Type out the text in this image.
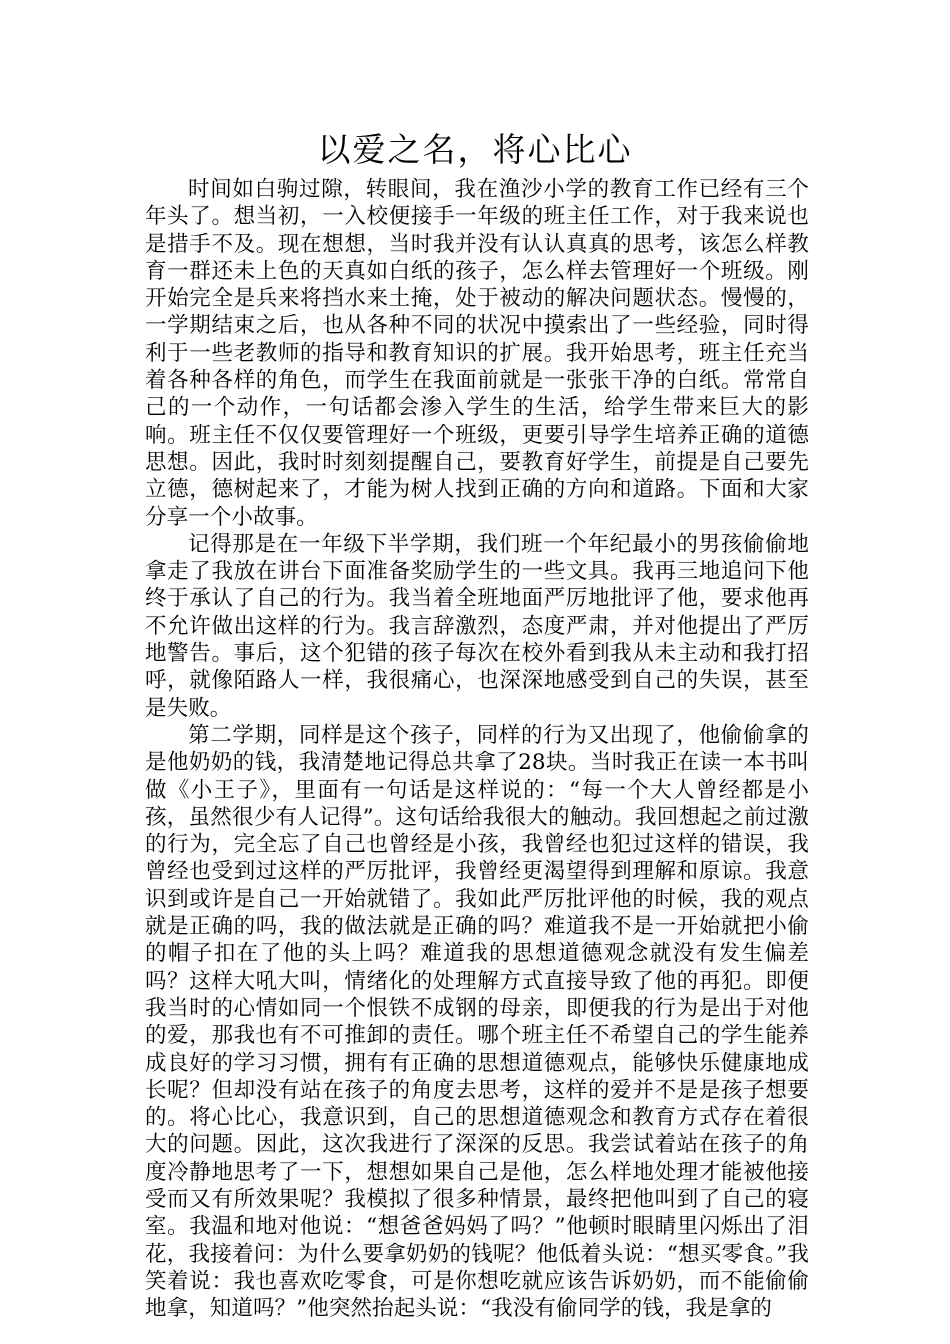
以爱之名，将心比心

时间如白驹过隙，转眼间，我在渔沙小学的教育工作已经有三个年头了。想当初，一入校便接手一年级的班主任工作，对于我来说也是措手不及。现在想想，当时我并没有认认真真的思考，该怎么样教育一群还未上色的天真如白纸的孩子，怎么样去管理好一个班级。刚开始完全是兵来将挡水来土掩，处于被动的解决问题状态。慢慢的，一学期结束之后，也从各种不同的状况中摸索出了一些经验，同时得利于一些老教师的指导和教育知识的扩展。我开始思考，班主任充当着各种各样的角色，而学生在我面前就是一张张干净的白纸。常常自己的一个动作，一句话都会渗入学生的生活，给学生带来巨大的影响。班主任不仅仅要管理好一个班级，更要引导学生培养正确的道德思想。因此，我时时刻刻提醒自己，要教育好学生，前提是自己要先立德，德树起来了，才能为树人找到正确的方向和道路。下面和大家分享一个小故事。

记得那是在一年级下半学期，我们班一个年纪最小的男孩偷偷地拿走了我放在讲台下面准备奖励学生的一些文具。我再三地追问下他终于承认了自己的行为。我当着全班地面严厉地批评了他，要求他再不允许做出这样的行为。我言辞激烈，态度严肃，并对他提出了严厉地警告。事后，这个犯错的孩子每次在校外看到我从未主动和我打招呼，就像陌路人一样，我很痛心，也深深地感受到自己的失误，甚至是失败。

第二学期，同样是这个孩子，同样的行为又出现了，他偷偷拿的是他奶奶的钱，我清楚地记得总共拿了28块。当时我正在读一本书叫做《小王子》，里面有一句话是这样说的：“每一个大人曾经都是小孩，虽然很少有人记得”。这句话给我很大的触动。我回想起之前过激的行为，完全忘了自己也曾经是小孩，我曾经也犯过这样的错误，我曾经也受到过这样的严厉批评，我曾经更渴望得到理解和原谅。我意识到或许是自己一开始就错了。我如此严厉批评他的时候，我的观点就是正确的吗，我的做法就是正确的吗？难道我不是一开始就把小偷的帽子扣在了他的头上吗？难道我的思想道德观念就没有发生偏差吗？这样大吼大叫，情绪化的处理解方式直接导致了他的再犯。即便我当时的心情如同一个恨铁不成钢的母亲，即便我的行为是出于对他的爱，那我也有不可推卸的责任。哪个班主任不希望自己的学生能养成良好的学习习惯，拥有有正确的思想道德观点，能够快乐健康地成长呢？但却没有站在孩子的角度去思考，这样的爱并不是是孩子想要的。将心比心，我意识到，自己的思想道德观念和教育方式存在着很大的问题。因此，这次我进行了深深的反思。我尝试着站在孩子的角度冷静地思考了一下，想想如果自己是他，怎么样地处理才能被他接受而又有所效果呢？我模拟了很多种情景，最终把他叫到了自己的寝室。我温和地对他说：“想爸爸妈妈了吗？”他顿时眼睛里闪烁出了泪花，我接着问：为什么要拿奶奶的钱呢？他低着头说：“想买零食。”我笑着说：我也喜欢吃零食，可是你想吃就应该告诉奶奶，而不能偷偷地拿，知道吗？”他突然抬起头说：“我没有偷同学的钱，我是拿的
